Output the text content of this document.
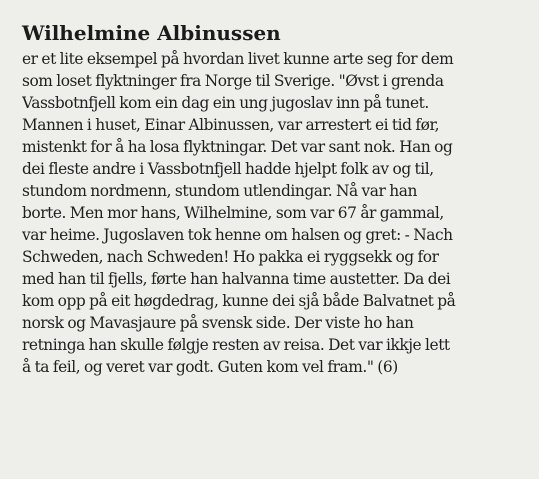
Wilhelmine Albinussen
er et lite eksempel på hvordan livet kunne arte seg for dem
som loset flyktninger fra Norge til Sverige. "Øvst i grenda
Vassbotnfjell kom ein dag ein ung jugoslav inn på tunet.
Mannen i huset, Einar Albinussen, var arrestert ei tid før,
mistenkt for å ha losa flyktningar. Det var sant nok. Han og
dei fleste andre i Vassbotnfjell hadde hjelpt folk av og til,
stundom nordmenn, stundom utlendingar. Nå var han
borte. Men mor hans, Wilhelmine, som var 67 år gammal,
var heime. Jugoslaven tok henne om halsen og gret: - Nach
Schweden, nach Schweden! Ho pakka ei ryggsekk og for
med han til fjells, førte han halvanna time austetter. Da dei
kom opp på eit høgdedrag, kunne dei sjå både Balvatnet på
norsk og Mavasjaure på svensk side. Der viste ho han
retninga han skulle følgje resten av reisa. Det var ikkje lett
å ta feil, og veret var godt. Guten kom vel fram." (6)
